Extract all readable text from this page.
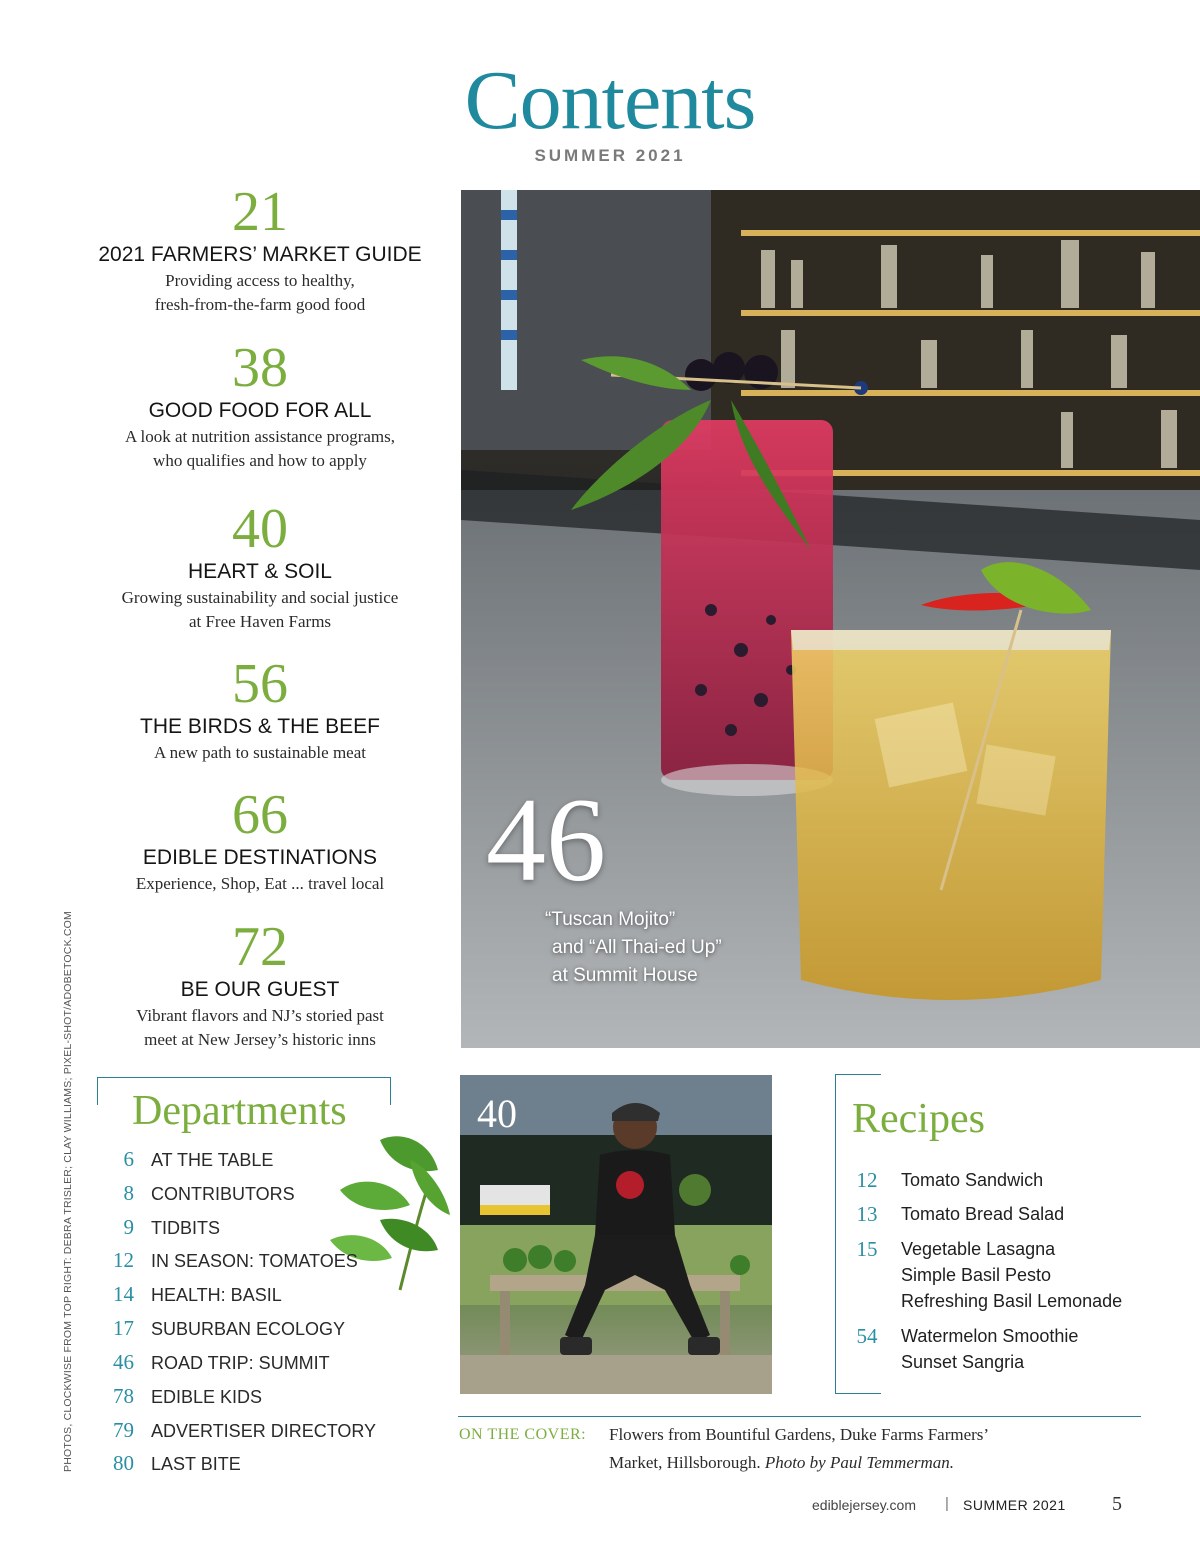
Contents
SUMMER 2021
21
2021 FARMERS’ MARKET GUIDE
Providing access to healthy,
fresh-from-the-farm good food
38
GOOD FOOD FOR ALL
A look at nutrition assistance programs,
who qualifies and how to apply
40
HEART & SOIL
Growing sustainability and social justice
at Free Haven Farms
56
THE BIRDS & THE BEEF
A new path to sustainable meat
66
EDIBLE DESTINATIONS
Experience, Shop, Eat ... travel local
72
BE OUR GUEST
Vibrant flavors and NJ’s storied past
meet at New Jersey’s historic inns
PHOTOS, CLOCKWISE FROM TOP RIGHT: DEBRA TRISLER; CLAY WILLIAMS; PIXEL-SHOT/ADOBETOCK.COM
46
“Tuscan Mojito”
and “All Thai-ed Up”
at Summit House
Departments
6 AT THE TABLE
8 CONTRIBUTORS
9 TIDBITS
12 IN SEASON: TOMATOES
14 HEALTH: BASIL
17 SUBURBAN ECOLOGY
46 ROAD TRIP: SUMMIT
78 EDIBLE KIDS
79 ADVERTISER DIRECTORY
80 LAST BITE
40	Recipes
12 Tomato Sandwich
13 Tomato Bread Salad
15 Vegetable Lasagna
Simple Basil Pesto
Refreshing Basil Lemonade
54 Watermelon Smoothie
Sunset Sangria
ON THE COVER: Flowers from Bountiful Gardens, Duke Farms Farmers’
Market, Hillsborough. Photo by Paul Temmerman.
ediblejersey.com | SUMMER 2021 5
